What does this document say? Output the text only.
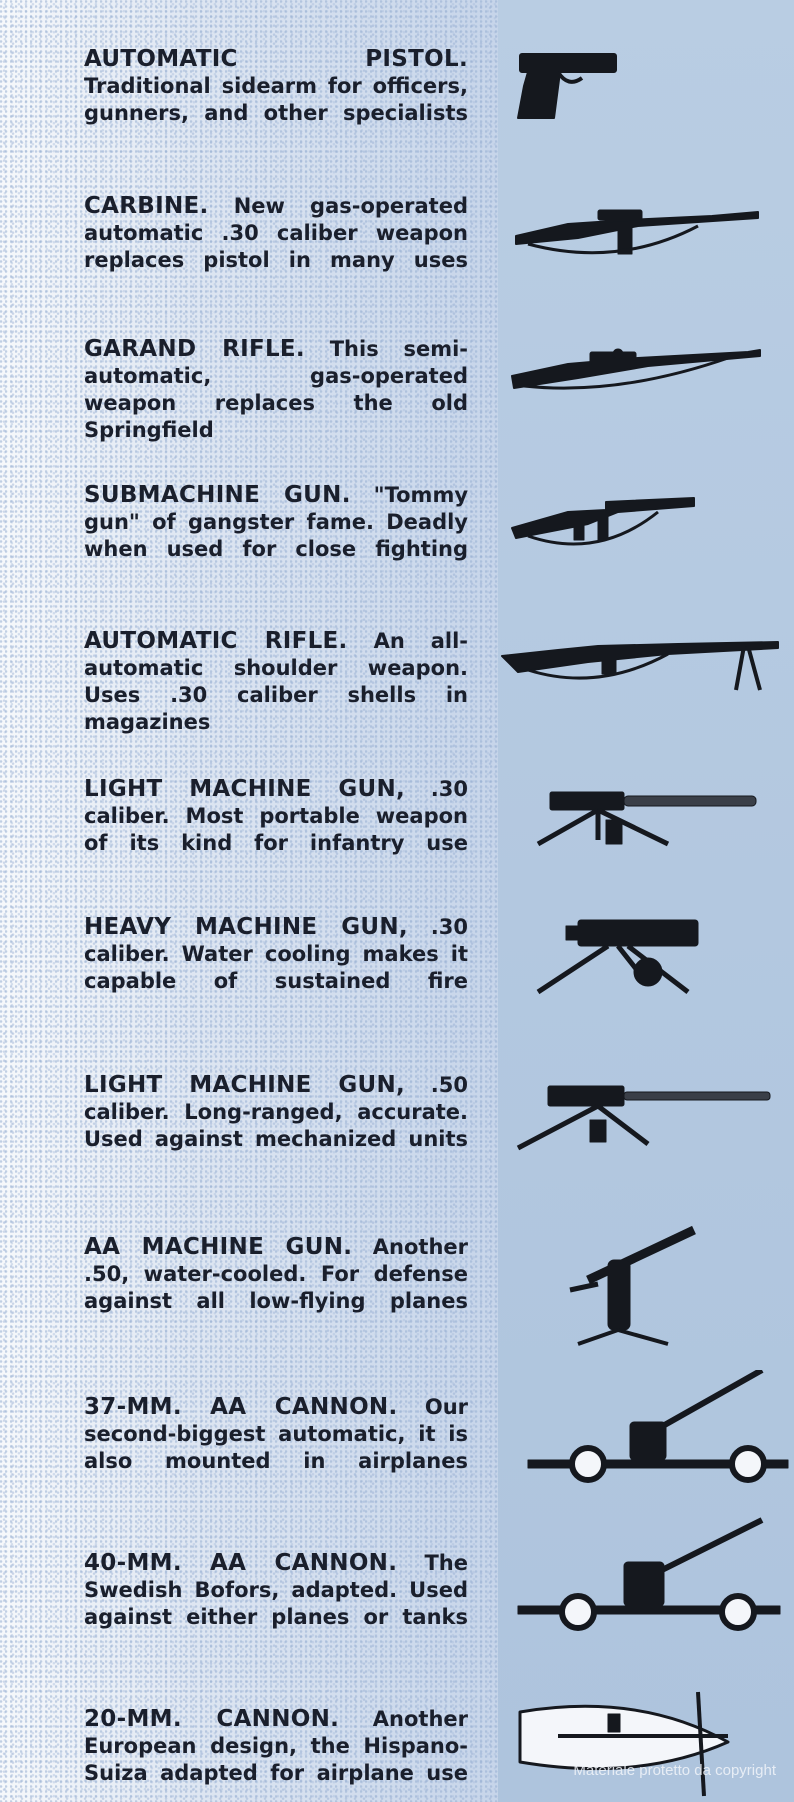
AUTOMATIC PISTOL. Traditional sidearm for officers, gunners, and other specialists
CARBINE. New gas-operated automatic .30 caliber weapon replaces pistol in many uses
GARAND RIFLE. This semi-automatic, gas-operated weapon replaces the old Springfield
SUBMACHINE GUN. "Tommy gun" of gangster fame. Deadly when used for close fighting
AUTOMATIC RIFLE. An all-automatic shoulder weapon. Uses .30 caliber shells in magazines
LIGHT MACHINE GUN, .30 caliber. Most portable weapon of its kind for infantry use
HEAVY MACHINE GUN, .30 caliber. Water cooling makes it capable of sustained fire
LIGHT MACHINE GUN, .50 caliber. Long-ranged, accurate. Used against mechanized units
AA MACHINE GUN. Another .50, water-cooled. For defense against all low-flying planes
37-MM. AA CANNON. Our second-biggest automatic, it is also mounted in airplanes
40-MM. AA CANNON. The Swedish Bofors, adapted. Used against either planes or tanks
20-MM. CANNON. Another European design, the Hispano-Suiza adapted for airplane use	Materiale protetto da copyright
